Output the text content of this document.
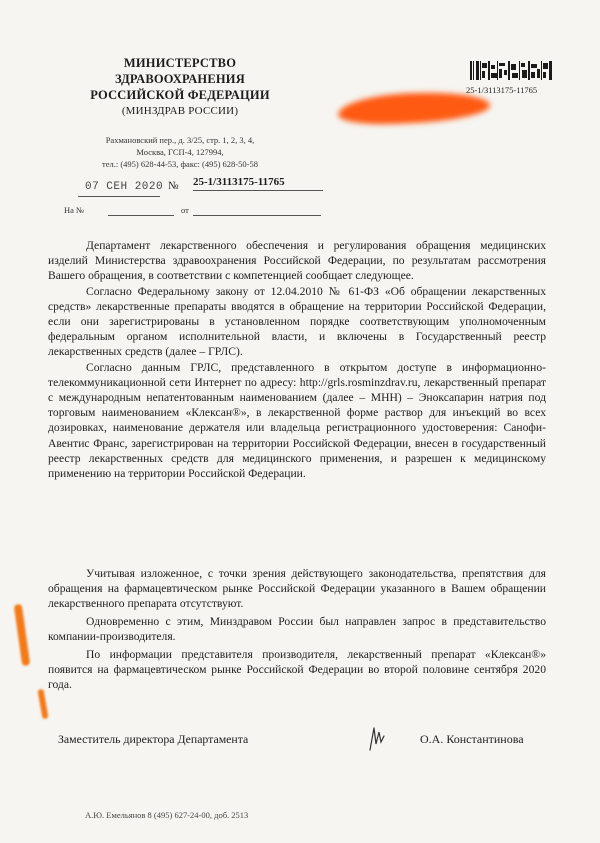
МИНИСТЕРСТВО
ЗДРАВООХРАНЕНИЯ
РОССИЙСКОЙ ФЕДЕРАЦИИ
(МИНЗДРАВ РОССИИ)
Рахмановский пер., д. 3/25, стр. 1, 2, 3, 4,
Москва, ГСП-4, 127994,
тел.: (495) 628-44-53, факс: (495) 628-50-58
25-1/3113175-11765
07 СЕН 2020 № 25-1/3113175-11765
На №	от

Департамент лекарственного обеспечения и регулирования обращения медицинских изделий Министерства здравоохранения Российской Федерации, по результатам рассмотрения Вашего обращения, в соответствии с компетенцией сообщает следующее.

Согласно Федеральному закону от 12.04.2010 № 61-ФЗ «Об обращении лекарственных средств» лекарственные препараты вводятся в обращение на территории Российской Федерации, если они зарегистрированы в установленном порядке соответствующим уполномоченным федеральным органом исполнительной власти, и включены в Государственный реестр лекарственных средств (далее – ГРЛС).

Согласно данным ГРЛС, представленного в открытом доступе в информационно-телекоммуникационной сети Интернет по адресу: http://grls.rosminzdrav.ru, лекарственный препарат с международным непатентованным наименованием (далее – МНН) – Эноксапарин натрия под торговым наименованием «Клексан®», в лекарственной форме раствор для инъекций во всех дозировках, наименование держателя или владельца регистрационного удостоверения: Санофи-Авентис Франс, зарегистрирован на территории Российской Федерации, внесен в государственный реестр лекарственных средств для медицинского применения, и разрешен к медицинскому применению на территории Российской Федерации.

Учитывая изложенное, с точки зрения действующего законодательства, препятствия для обращения на фармацевтическом рынке Российской Федерации указанного в Вашем обращении лекарственного препарата отсутствуют.

Одновременно с этим, Минздравом России был направлен запрос в представительство компании-производителя.

По информации представителя производителя, лекарственный препарат «Клексан®» появится на фармацевтическом рынке Российской Федерации во второй половине сентября 2020 года.

Заместитель директора Департамента	О.А. Константинова
А.Ю. Емельянов 8 (495) 627-24-00, доб. 2513
